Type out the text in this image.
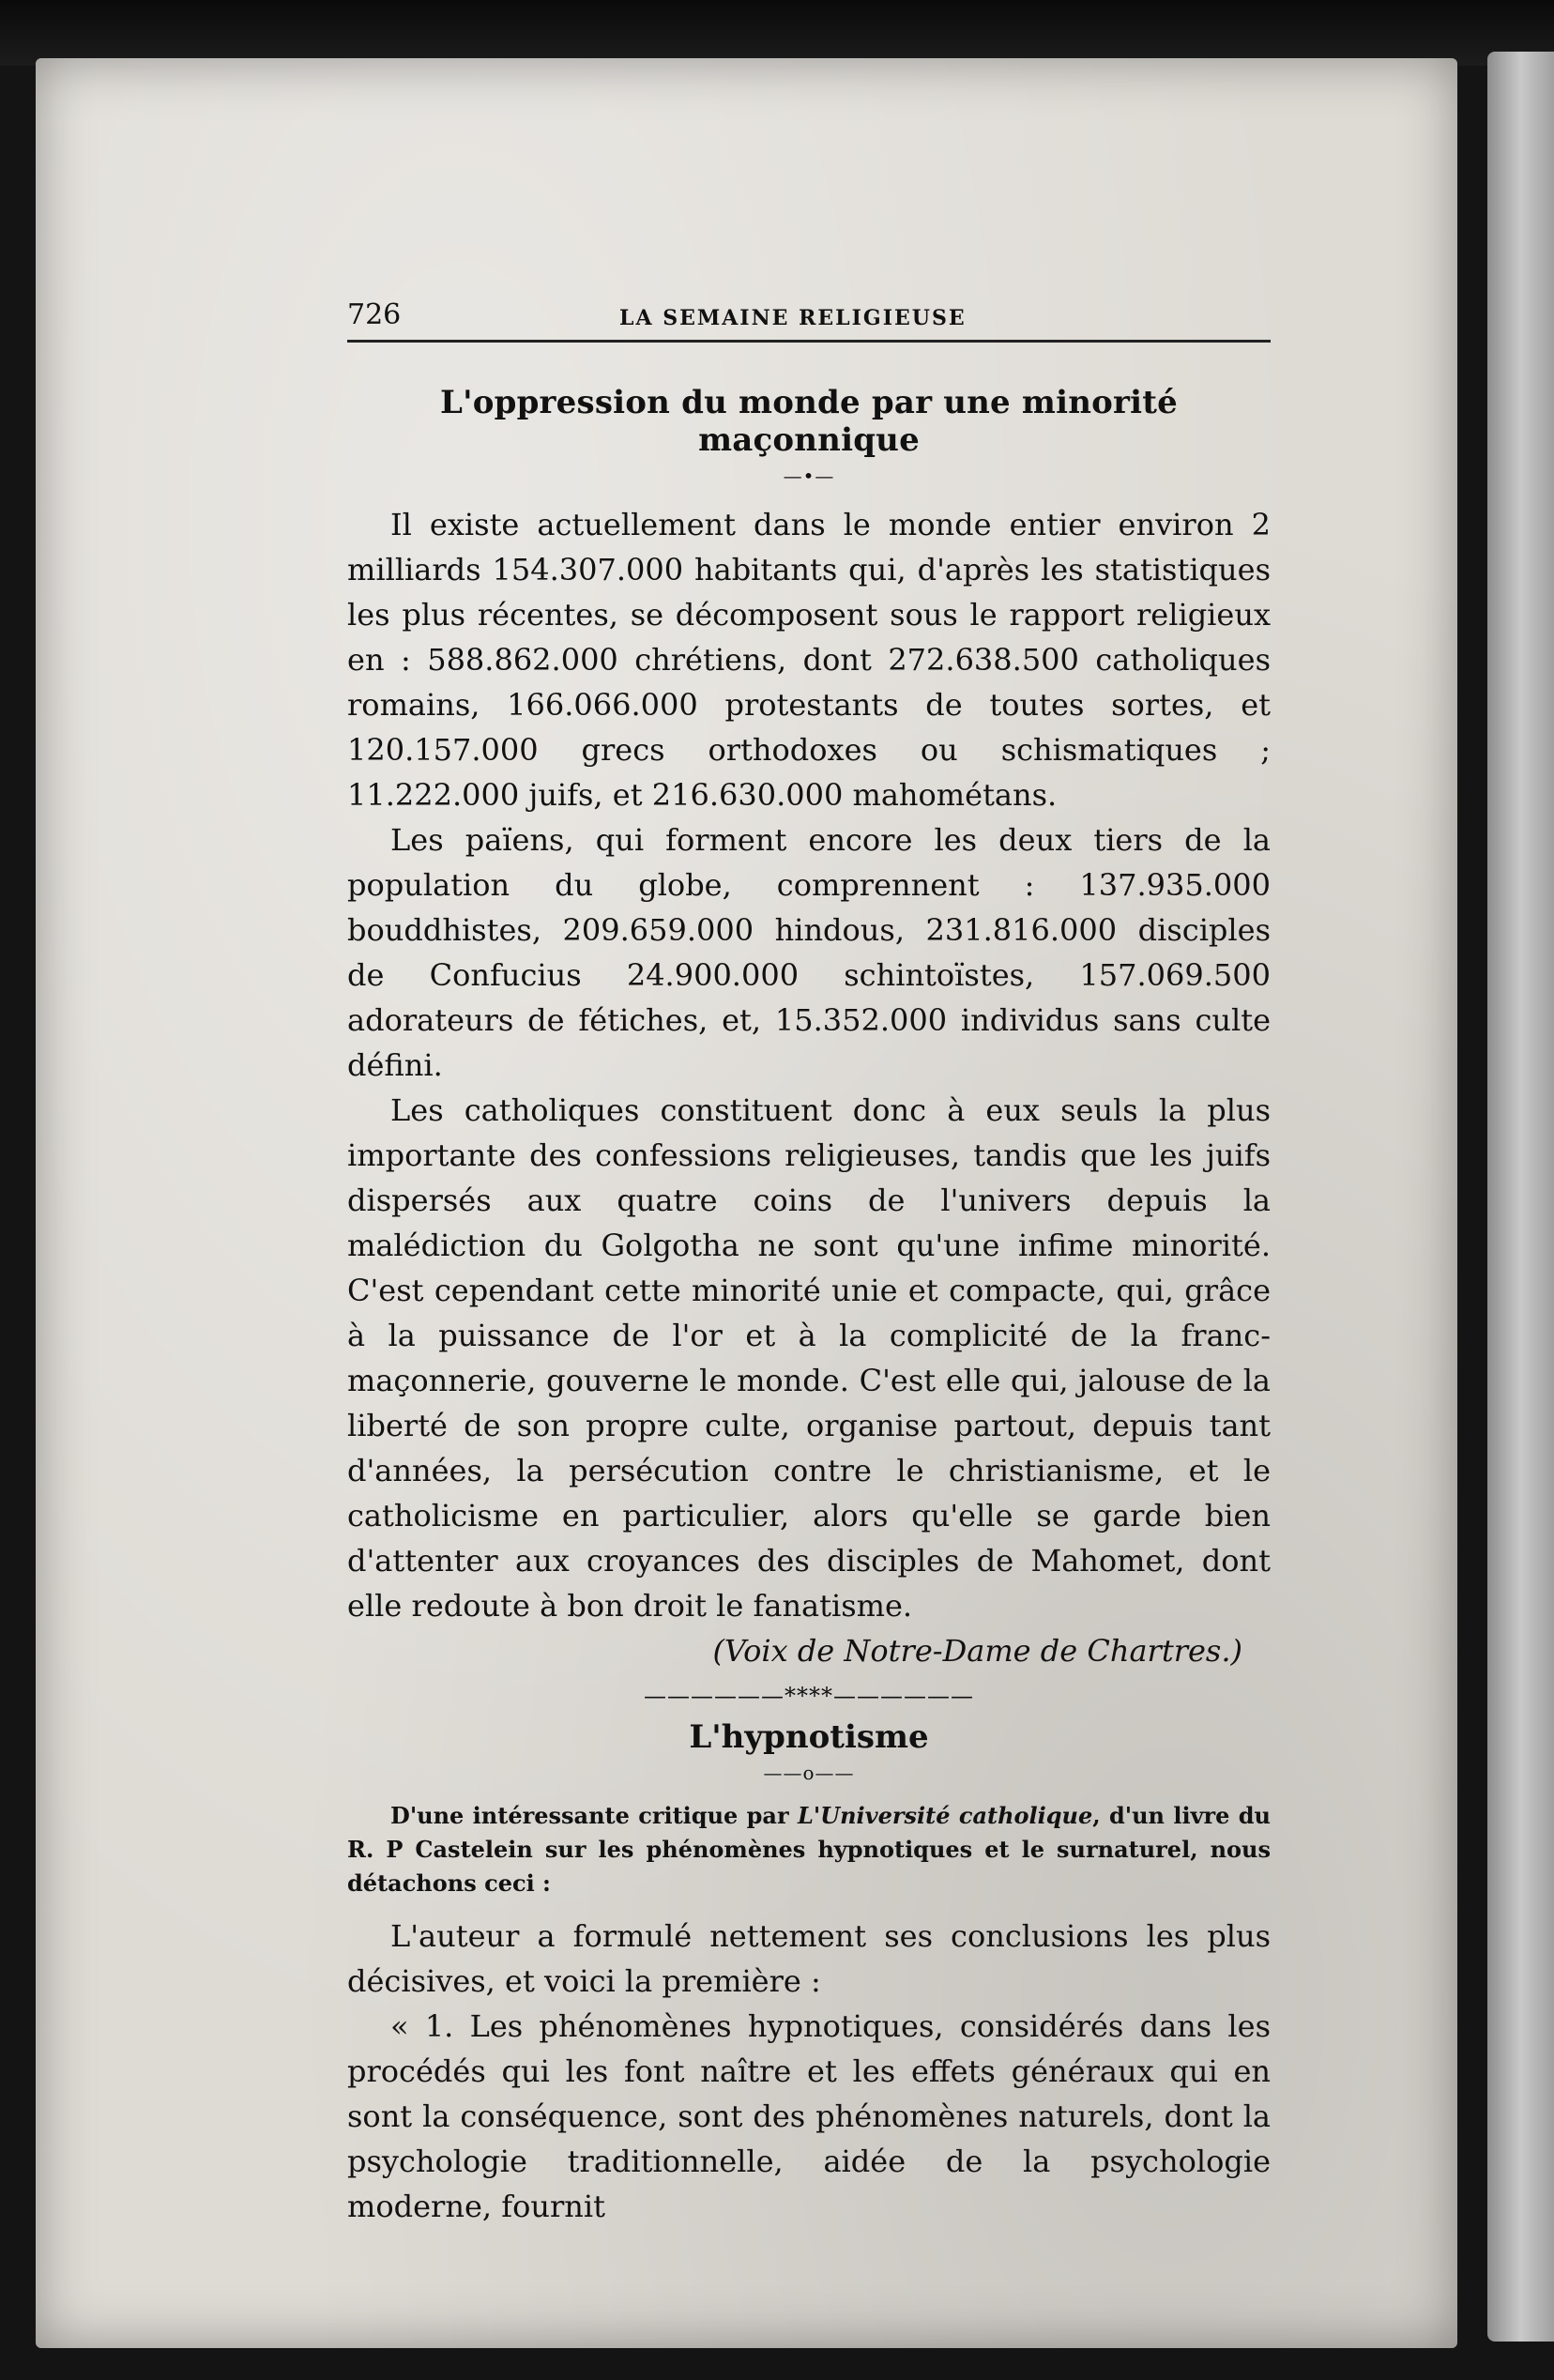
726	LA SEMAINE RELIGIEUSE
L'oppression du monde par une minorité maçonnique
—•—

Il existe actuellement dans le monde entier environ 2 milliards 154.307.000 habitants qui, d'après les statistiques les plus récentes, se décomposent sous le rapport religieux en : 588.862.000 chrétiens, dont 272.638.500 catholiques romains, 166.066.000 protestants de toutes sortes, et 120.157.000 grecs orthodoxes ou schismatiques ; 11.222.000 juifs, et 216.630.000 mahométans.

Les païens, qui forment encore les deux tiers de la population du globe, comprennent : 137.935.000 bouddhistes, 209.659.000 hindous, 231.816.000 disciples de Confucius 24.900.000 schintoïstes, 157.069.500 adorateurs de fétiches, et, 15.352.000 individus sans culte défini.

Les catholiques constituent donc à eux seuls la plus importante des confessions religieuses, tandis que les juifs dispersés aux quatre coins de l'univers depuis la malédiction du Golgotha ne sont qu'une infime minorité. C'est cependant cette minorité unie et compacte, qui, grâce à la puissance de l'or et à la complicité de la franc-maçonnerie, gouverne le monde. C'est elle qui, jalouse de la liberté de son propre culte, organise partout, depuis tant d'années, la persécution contre le christianisme, et le catholicisme en particulier, alors qu'elle se garde bien d'attenter aux croyances des disciples de Mahomet, dont elle redoute à bon droit le fanatisme.

(Voix de Notre-Dame de Chartres.)
——————****——————
L'hypnotisme
——o——

D'une intéressante critique par L'Université catholique, d'un livre du R. P Castelein sur les phénomènes hypnotiques et le surnaturel, nous détachons ceci :

L'auteur a formulé nettement ses conclusions les plus décisives, et voici la première :

« 1. Les phénomènes hypnotiques, considérés dans les procédés qui les font naître et les effets généraux qui en sont la conséquence, sont des phénomènes naturels, dont la psychologie traditionnelle, aidée de la psychologie moderne, fournit
